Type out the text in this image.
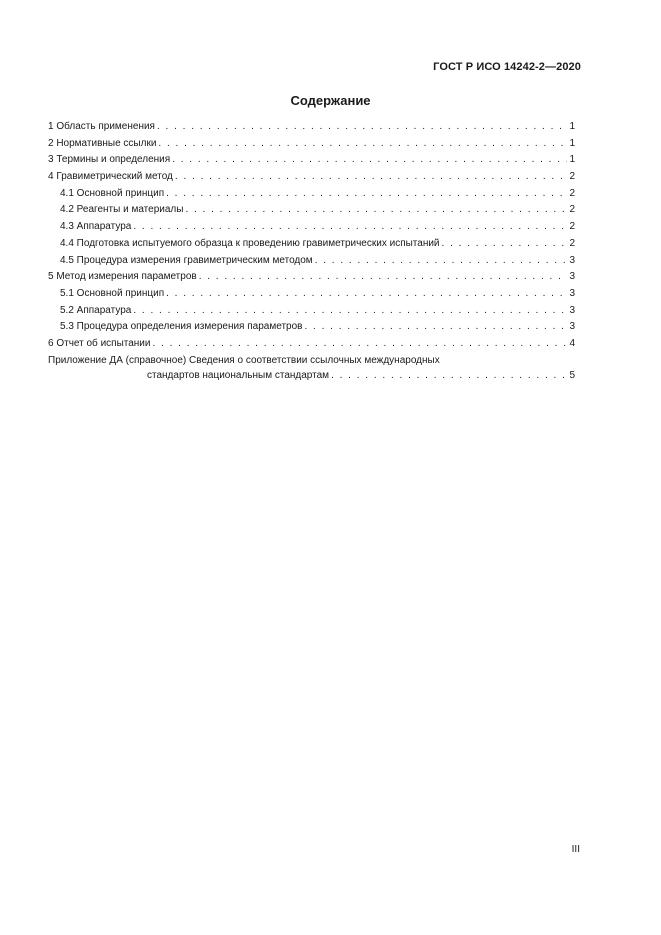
ГОСТ Р ИСО 14242-2—2020
Содержание
1 Область применения . . .	1
2 Нормативные ссылки . . .	1
3 Термины и определения . . .	1
4 Гравиметрический метод . . .	2
4.1 Основной принцип . . .	2
4.2 Реагенты и материалы . . .	2
4.3 Аппаратура . . .	2
4.4 Подготовка испытуемого образца к проведению гравиметрических испытаний . . .	2
4.5 Процедура измерения гравиметрическим методом . . .	3
5 Метод измерения параметров . . .	3
5.1 Основной принцип . . .	3
5.2 Аппаратура . . .	3
5.3 Процедура определения измерения параметров . . .	3
6 Отчет об испытании . . .	4
Приложение ДА (справочное) Сведения о соответствии ссылочных международных
стандартов национальным стандартам . . .	5
III
